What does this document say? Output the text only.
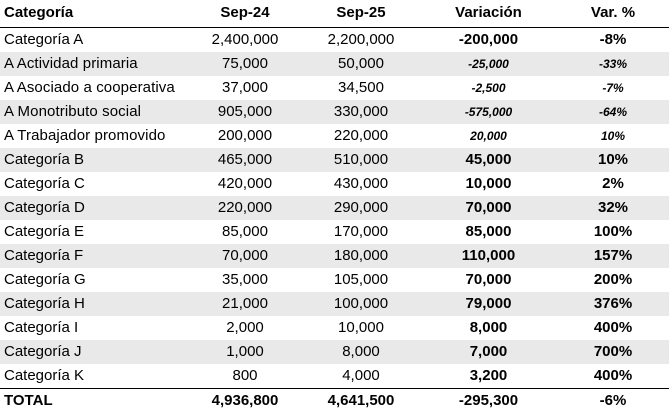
Categoría	Sep-24	Sep-25	Variación	Var. %
Categoría A	2,400,000	2,200,000	-200,000	-8%
A Actividad primaria	75,000	50,000	-25,000	-33%
A Asociado a cooperativa	37,000	34,500	-2,500	-7%
A Monotributo social	905,000	330,000	-575,000	-64%
A Trabajador promovido	200,000	220,000	20,000	10%
Categoría B	465,000	510,000	45,000	10%
Categoría C	420,000	430,000	10,000	2%
Categoría D	220,000	290,000	70,000	32%
Categoría E	85,000	170,000	85,000	100%
Categoría F	70,000	180,000	110,000	157%
Categoría G	35,000	105,000	70,000	200%
Categoría H	21,000	100,000	79,000	376%
Categoría I	2,000	10,000	8,000	400%
Categoría J	1,000	8,000	7,000	700%
Categoría K	800	4,000	3,200	400%
TOTAL	4,936,800	4,641,500	-295,300	-6%
